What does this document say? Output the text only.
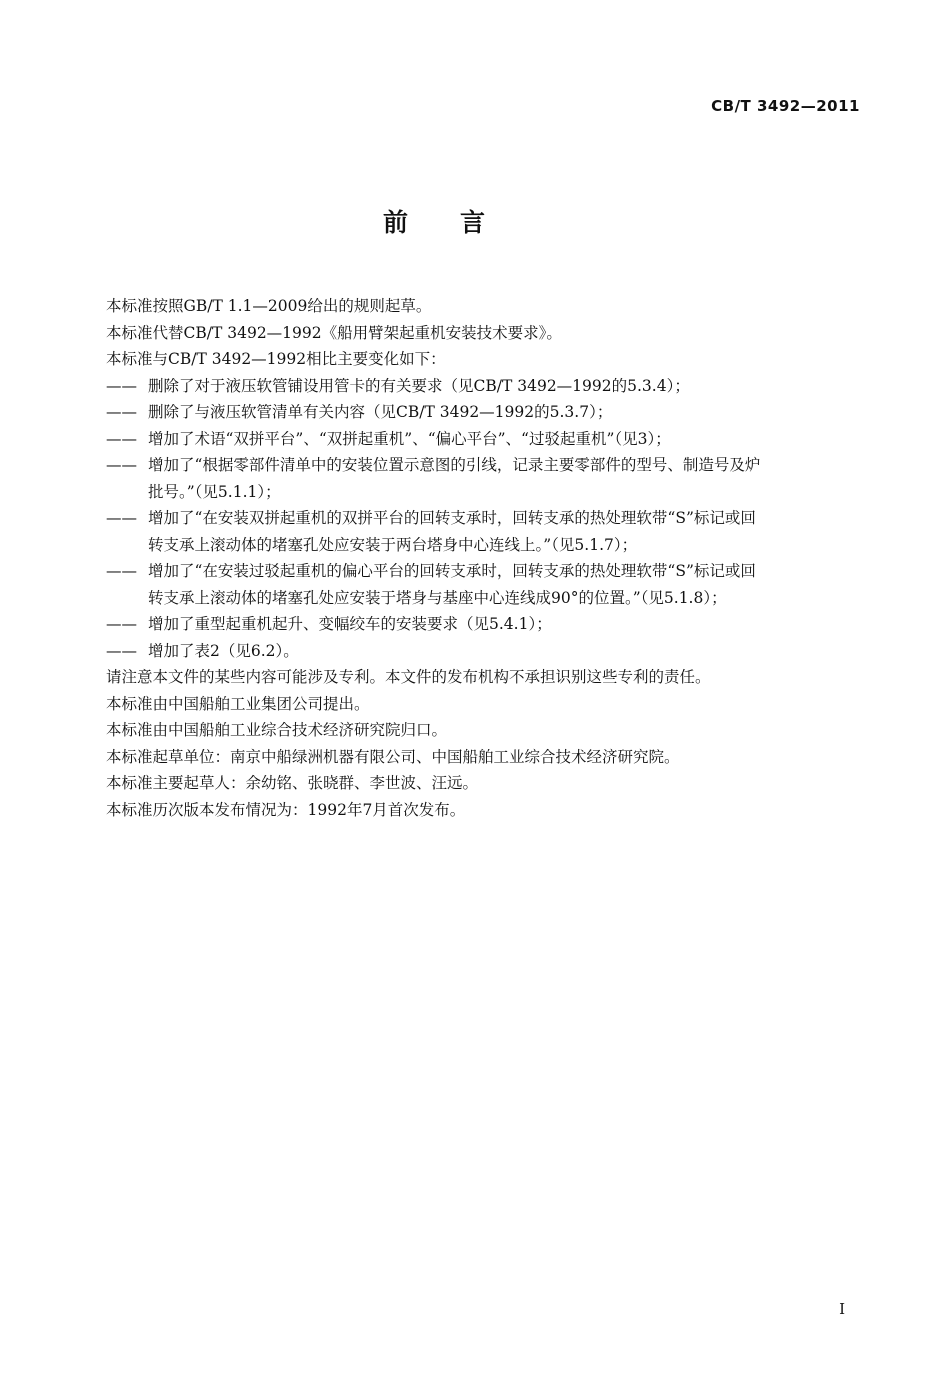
CB/T 3492—2011
前言

本标准按照GB/T 1.1—2009给出的规则起草。

本标准代替CB/T 3492—1992《船用臂架起重机安装技术要求》。

本标准与CB/T 3492—1992相比主要变化如下：

—— 删除了对于液压软管铺设用管卡的有关要求（见CB/T 3492—1992的5.3.4）；
—— 删除了与液压软管清单有关内容（见CB/T 3492—1992的5.3.7）；
—— 增加了术语“双拼平台”、“双拼起重机”、“偏心平台”、“过驳起重机”（见3）；
—— 增加了“根据零部件清单中的安装位置示意图的引线，记录主要零部件的型号、制造号及炉
批号。”（见5.1.1）；
—— 增加了“在安装双拼起重机的双拼平台的回转支承时，回转支承的热处理软带“S”标记或回
转支承上滚动体的堵塞孔处应安装于两台塔身中心连线上。”（见5.1.7）；
—— 增加了“在安装过驳起重机的偏心平台的回转支承时，回转支承的热处理软带“S”标记或回
转支承上滚动体的堵塞孔处应安装于塔身与基座中心连线成90°的位置。”（见5.1.8）；
—— 增加了重型起重机起升、变幅绞车的安装要求（见5.4.1）；
—— 增加了表2（见6.2）。

请注意本文件的某些内容可能涉及专利。本文件的发布机构不承担识别这些专利的责任。

本标准由中国船舶工业集团公司提出。

本标准由中国船舶工业综合技术经济研究院归口。

本标准起草单位：南京中船绿洲机器有限公司、中国船舶工业综合技术经济研究院。

本标准主要起草人：余幼铭、张晓群、李世波、汪远。

本标准历次版本发布情况为：1992年7月首次发布。

I
